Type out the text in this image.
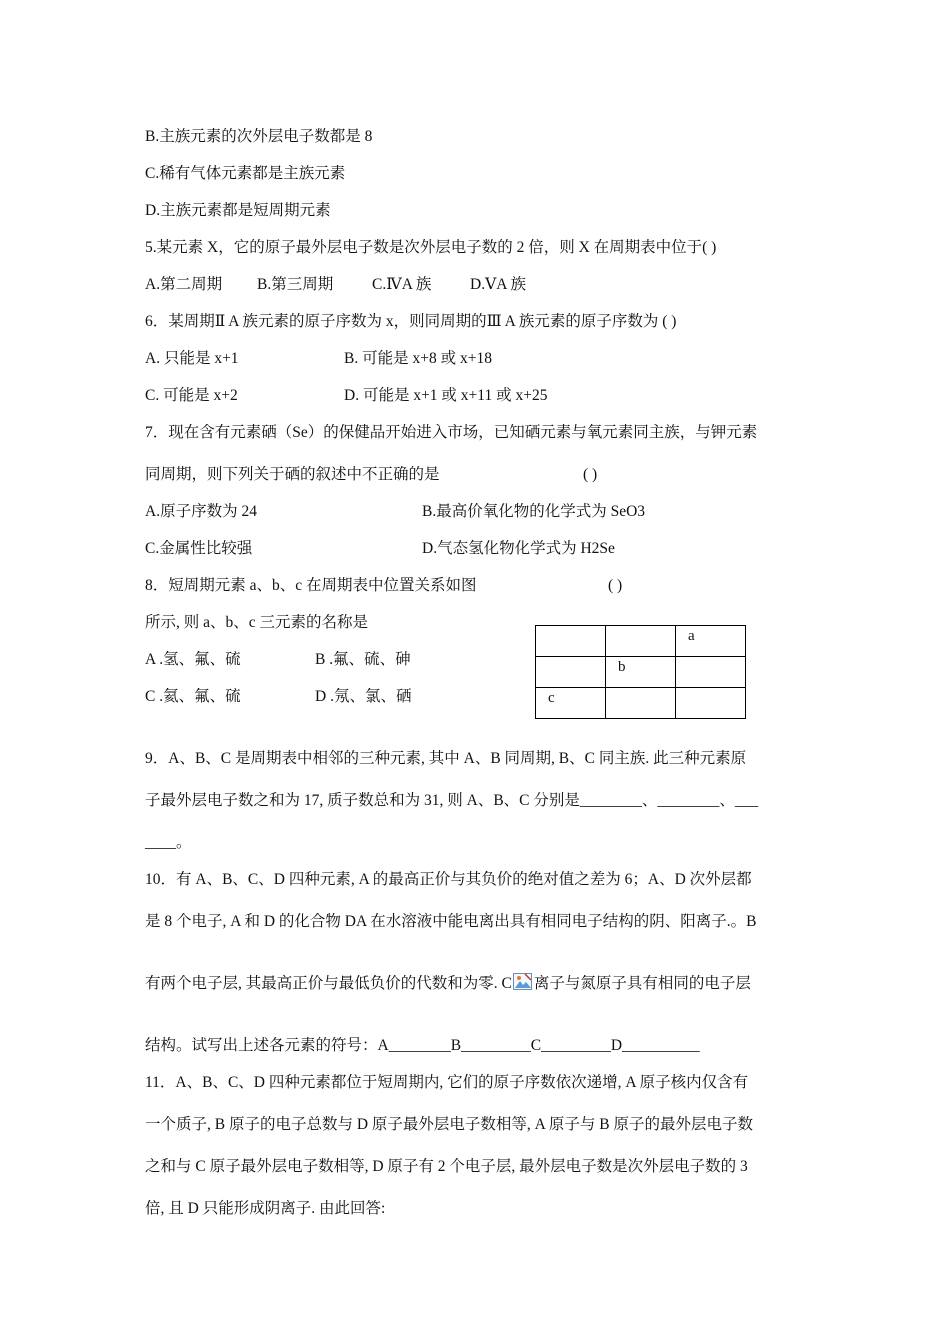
B.主族元素的次外层电子数都是 8
C.稀有气体元素都是主族元素
D.主族元素都是短周期元素
5.某元素 X，它的原子最外层电子数是次外层电子数的 2 倍，则 X 在周期表中位于( )
A.第二周期 B.第三周期	C.ⅣA 族 D.ⅤA 族
6．某周期Ⅱ A 族元素的原子序数为 x，则同周期的Ⅲ A 族元素的原子序数为 ( )
A. 只能是 x+1	B. 可能是 x+8 或 x+18
C. 可能是 x+2	D. 可能是 x+1 或 x+11 或 x+25
7．现在含有元素硒（Se）的保健品开始进入市场，已知硒元素与氧元素同主族，与钾元素
同周期，则下列关于硒的叙述中不正确的是	( )
A.原子序数为 24	B.最高价氧化物的化学式为 SeO3
C.金属性比较强	D.气态氢化物化学式为 H2Se
8．短周期元素 a、b、c 在周期表中位置关系如图	( )
所示, 则 a、b、c 三元素的名称是
A .氢、氟、硫	B .氟、硫、砷
C .氦、氟、硫	D .氖、氯、硒
		a
	b	
c		
9．A、B、C 是周期表中相邻的三种元素, 其中 A、B 同周期, B、C 同主族. 此三种元素原
子最外层电子数之和为 17, 质子数总和为 31, 则 A、B、C 分别是________、________、___
____。
10．有 A、B、C、D 四种元素, A 的最高正价与其负价的绝对值之差为 6；A、D 次外层都
是 8 个电子, A 和 D 的化合物 DA 在水溶液中能电离出具有相同电子结构的阴、阳离子.。B
有两个电子层, 其最高正价与最低负价的代数和为零. C 离子与氮原子具有相同的电子层
结构。试写出上述各元素的符号：A________B_________C_________D__________
11．A、B、C、D 四种元素都位于短周期内, 它们的原子序数依次递增, A 原子核内仅含有
一个质子, B 原子的电子总数与 D 原子最外层电子数相等, A 原子与 B 原子的最外层电子数
之和与 C 原子最外层电子数相等, D 原子有 2 个电子层, 最外层电子数是次外层电子数的 3
倍, 且 D 只能形成阴离子. 由此回答:
